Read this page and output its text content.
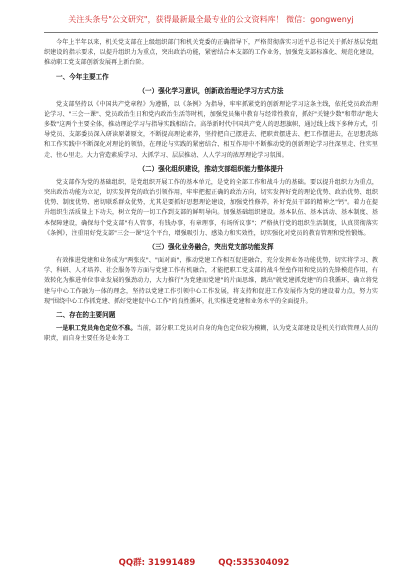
关注头条号"公文研究"，获得最新最全最专业的公文资料库！ 微信：gongwenyj

今年上半年以来，机关党支部在上级组织部门和机关党委的正确指导下，严格贯彻落实习近平总书记关于抓好基层党组织建设的指示要求，以提升组织力为重点，突出政治功能，紧密结合本支部的工作业务，加强党支部标准化、规范化建设，推动职工党支部创新发展再上新台阶。

一、今年主要工作
（一）强化学习意识，创新政治理论学习方式方法

党支部坚持以《中国共产党章程》为遵循，以《条例》为指导，牢牢抓紧党的创新理论学习这条主线，依托党员政治理论学习、"三会一课"、党员政治生日和党内政治生活等时机，加强党员集中教育与经常性教育，抓好"关键少数"和带动"绝大多数"这两个主要全体，推动理论学习与指导实践相结合。高举新时代中国共产党人的思想旗帜，通过线上线下多种方式，引导党员、支部委员深入研读原著原文，不断提高理论素养，坚持把自己摆进去、把职责摆进去、把工作摆进去，在思想洗练和工作实践中不断深化对理论的领悟，在理论与实践的紧密结合、相互作用中不断推动党的创新理论学习往深里走、往实里走、往心里走。大力营造素质学习、大抓学习、层层推动、人人学习的浓厚理论学习氛围。

（二）强化组织建设，推动支部组织能力整体提升

党支部作为党的基础组织，是党组织开展工作的基本单元，是党的全部工作和战斗力的基础。要以提升组织力为重点，突出政治功能为立足，切实发挥党的政治引领作用，牢牢把握正确的政治方向，切实发挥好党的理论优势、政治优势、组织优势、制度优势、密切联系群众优势，尤其是要抓好思想理论建设，加强党性修养，补好党员干部的精神之"钙"。着力在提升组织生活质量上下功夫，树立党的一切工作到支部的鲜明导向。加强基础组织建设。基本队伍、基本活动、基本制度、基本保障建设，确保每个党支部"有人管事，有钱办事，有章理事，有场所议事"；严格执行党的组织生活制度，认真贯彻落实《条例》，注重用好党支部"三会一课"这个平台，增强吸引力、感染力和实效性，切实强化对党员的教育管理和党性锻炼。

（三）强化业务融合，突出党支部功能发挥

有效推进党建和业务成为"两张皮"、"面对面"，推动党建工作相互促进融合，充分发挥业务功能优势，切实将学习、教学、科研、人才培养、社会服务等方面与党建工作有机融合，才能把职工党支部的战斗堡垒作用和党员的先锋模范作用，有效转化为推进单位事业发展的强劲动力，大力推行"为党建而党建"的片面思维，跳出"就党建抓党建"的自我循环，确立将党建与中心工作融为一体的理念，坚持以党建工作引领中心工作发展，将支持和促进工作发展作为党的建设着力点，努力实现"围绕中心工作抓党建、抓好党建促中心工作"的良性循环，扎实推进党建和业务水平的全面提升。

二、存在的主要问题

一是职工党员角色定位不准。当前，部分职工党员对自身的角色定位较为模糊，认为党支部建设是机关行政管理人员的职责，而自身主要任务是业务工

QQ群: 31991489	QQ:535304092
